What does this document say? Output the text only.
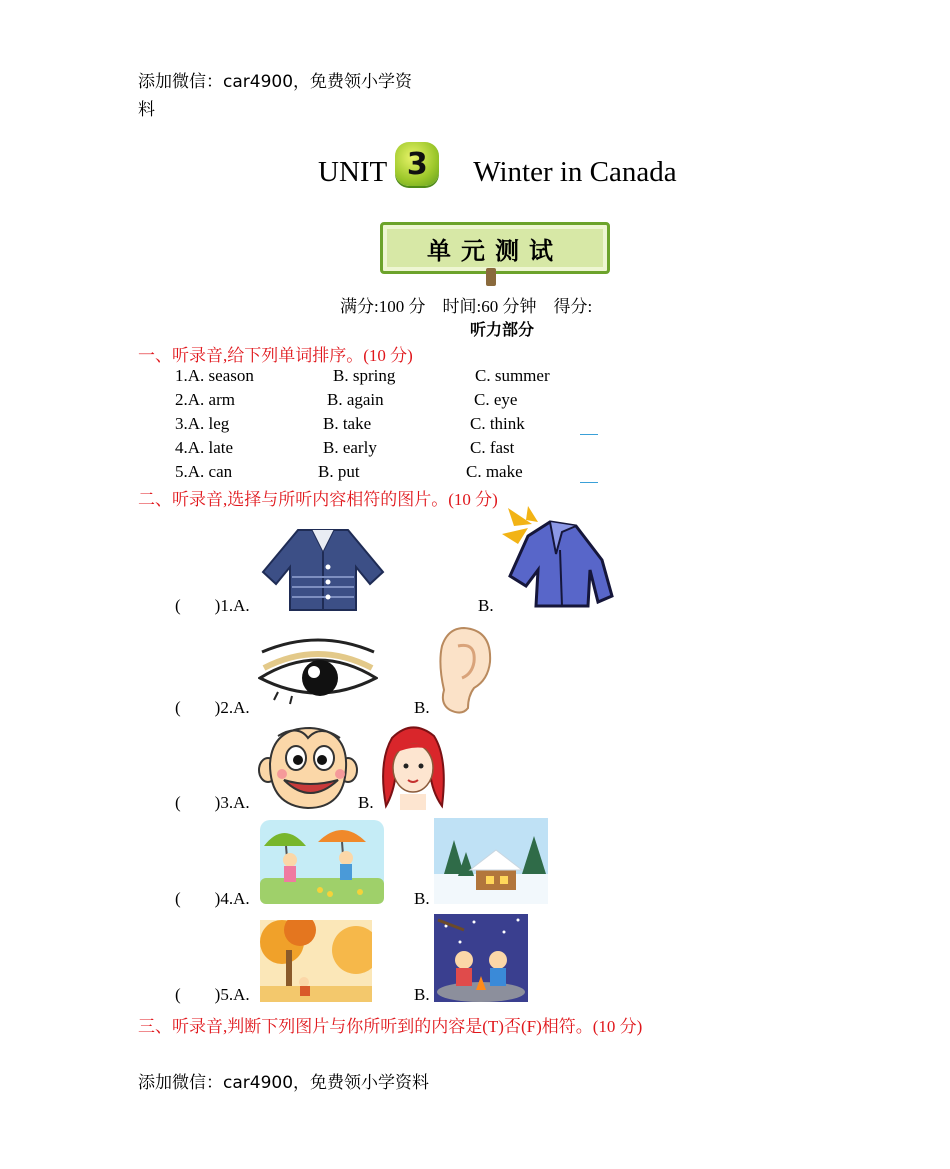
添加微信：car4900，免费领小学资
料
UNIT 3	Winter in Canada
单元测试
满分:100 分    时间:60 分钟    得分:
听力部分
一、听录音,给下列单词排序。(10 分)
1.A. season	B. spring	C. summer
2.A. arm	B. again	C. eye
3.A. leg	B. take	C. think
4.A. late	B. early	C. fast
5.A. can	B. put	C. make
二、听录音,选择与所听内容相符的图片。(10 分)
(        )1.A.	B.
(        )2.A.	B.
(        )3.A.	B.
(        )4.A.	B.
(        )5.A.	B.
三、听录音,判断下列图片与你所听到的内容是(T)否(F)相符。(10 分)
添加微信：car4900，免费领小学资料
